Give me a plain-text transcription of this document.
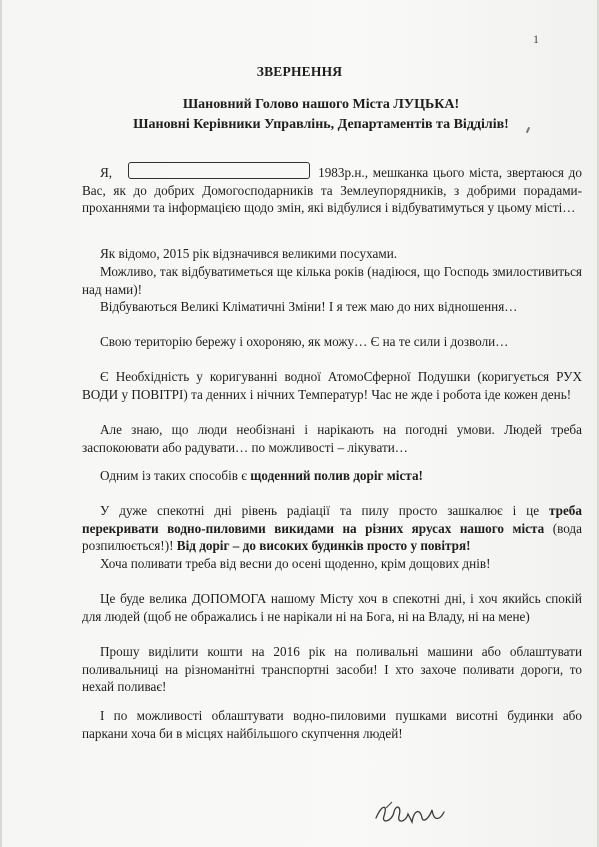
1
ЗВЕРНЕННЯ
Шановний Голово нашого Міста ЛУЦЬКА!
Шановні Керівники Управлінь, Департаментів та Відділів!
Я,	1983р.н., мешканка цього міста, звертаюся до Вас, як до добрих Домогосподарників та Землеупорядників, з добрими порадами-проханнями та інформацією щодо змін, які відбулися і відбуватимуться у цьому місті…
Як відомо, 2015 рік відзначився великими посухами.
Можливо, так відбуватиметься ще кілька років (надіюся, що Господь змилостивиться над нами)!
Відбуваються Великі Кліматичні Зміни! І я теж маю до них відношення…
Свою територію бережу і охороняю, як можу… Є на те сили і дозволи…
Є Необхідність у коригуванні водної АтомоСферної Подушки (коригується РУХ ВОДИ у ПОВІТРІ) та денних і нічних Температур! Час не жде і робота іде кожен день!
Але знаю, що люди необізнані і нарікають на погодні умови. Людей треба заспокоювати або радувати… по можливості – лікувати…
Одним із таких способів є щоденний полив доріг міста!
У дуже спекотні дні рівень радіації та пилу просто зашкалює і це треба перекривати водно-пиловими викидами на різних ярусах нашого міста (вода розпилюється!)! Від доріг – до високих будинків просто у повітря!
Хоча поливати треба від весни до осені щоденно, крім дощових днів!
Це буде велика ДОПОМОГА нашому Місту хоч в спекотні дні, і хоч якийсь спокій для людей (щоб не ображались і не нарікали ні на Бога, ні на Владу, ні на мене)
Прошу виділити кошти на 2016 рік на поливальні машини або облаштувати поливальниці на різноманітні транспортні засоби! І хто захоче поливати дороги, то нехай поливає!
І по можливості облаштувати водно-пиловими пушками висотні будинки або паркани хоча би в місцях найбільшого скупчення людей!
